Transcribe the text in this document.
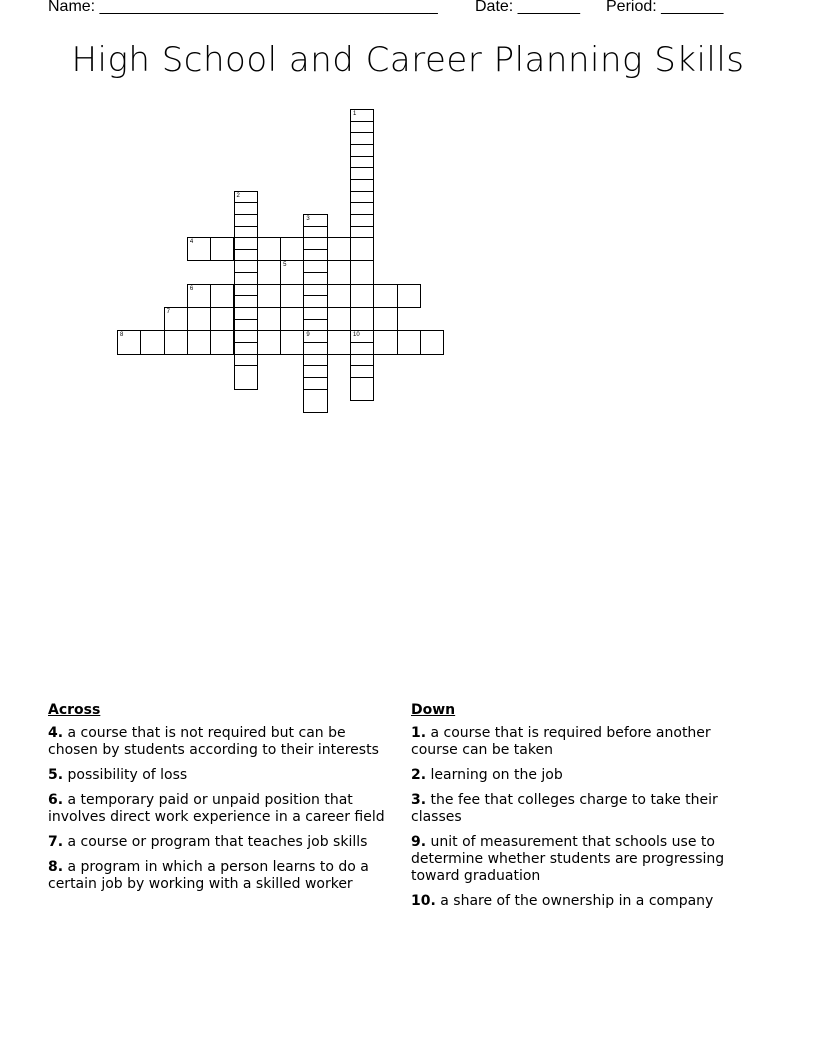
Name: ______________________________________ Date: _______ Period: _______
High School and Career Planning Skills
1
2
3
9
4
5
6
7
8	10
Across
4. a course that is not required but can be chosen by students according to their interests
5. possibility of loss
6. a temporary paid or unpaid position that involves direct work experience in a career field
7. a course or program that teaches job skills
8. a program in which a person learns to do a certain job by working with a skilled worker
Down
1. a course that is required before another course can be taken
2. learning on the job
3. the fee that colleges charge to take their classes
9. unit of measurement that schools use to determine whether students are progressing toward graduation
10. a share of the ownership in a company
